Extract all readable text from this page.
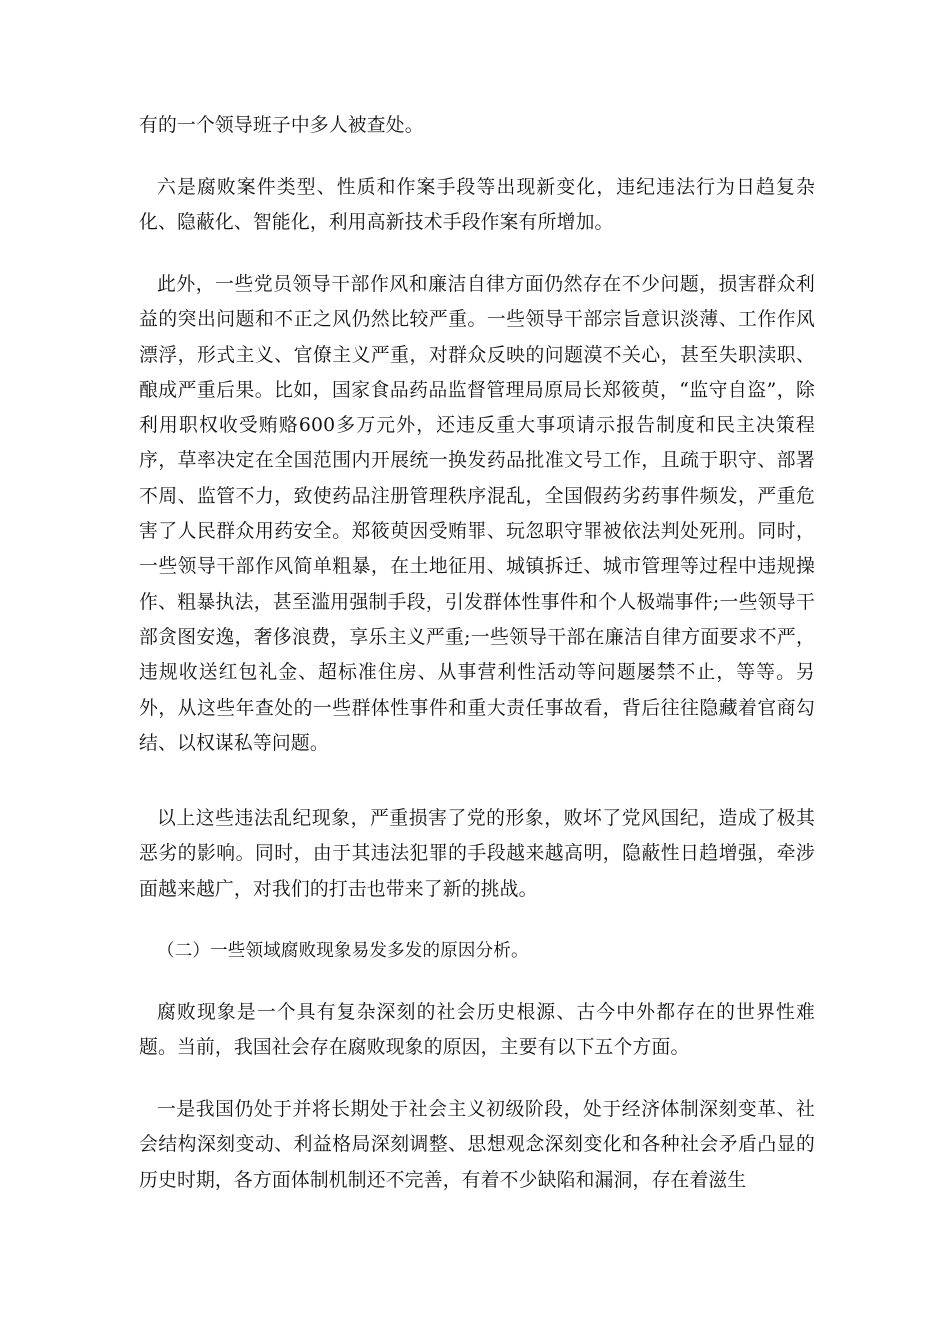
有的一个领导班子中多人被查处。

六是腐败案件类型、性质和作案手段等出现新变化，违纪违法行为日趋复杂化、隐蔽化、智能化，利用高新技术手段作案有所增加。

此外，一些党员领导干部作风和廉洁自律方面仍然存在不少问题，损害群众利益的突出问题和不正之风仍然比较严重。一些领导干部宗旨意识淡薄、工作作风漂浮，形式主义、官僚主义严重，对群众反映的问题漠不关心，甚至失职渎职、酿成严重后果。比如，国家食品药品监督管理局原局长郑筱萸，“监守自盗”，除利用职权收受贿赂600多万元外，还违反重大事项请示报告制度和民主决策程序，草率决定在全国范围内开展统一换发药品批准文号工作，且疏于职守、部署不周、监管不力，致使药品注册管理秩序混乱，全国假药劣药事件频发，严重危害了人民群众用药安全。郑筱萸因受贿罪、玩忽职守罪被依法判处死刑。同时，一些领导干部作风简单粗暴，在土地征用、城镇拆迁、城市管理等过程中违规操作、粗暴执法，甚至滥用强制手段，引发群体性事件和个人极端事件;一些领导干部贪图安逸，奢侈浪费，享乐主义严重;一些领导干部在廉洁自律方面要求不严，违规收送红包礼金、超标准住房、从事营利性活动等问题屡禁不止，等等。另外，从这些年查处的一些群体性事件和重大责任事故看，背后往往隐藏着官商勾结、以权谋私等问题。

以上这些违法乱纪现象，严重损害了党的形象，败坏了党风国纪，造成了极其恶劣的影响。同时，由于其违法犯罪的手段越来越高明，隐蔽性日趋增强，牵涉面越来越广，对我们的打击也带来了新的挑战。

（二）一些领域腐败现象易发多发的原因分析。

腐败现象是一个具有复杂深刻的社会历史根源、古今中外都存在的世界性难题。当前，我国社会存在腐败现象的原因，主要有以下五个方面。

一是我国仍处于并将长期处于社会主义初级阶段，处于经济体制深刻变革、社会结构深刻变动、利益格局深刻调整、思想观念深刻变化和各种社会矛盾凸显的历史时期，各方面体制机制还不完善，有着不少缺陷和漏洞，存在着滋生
